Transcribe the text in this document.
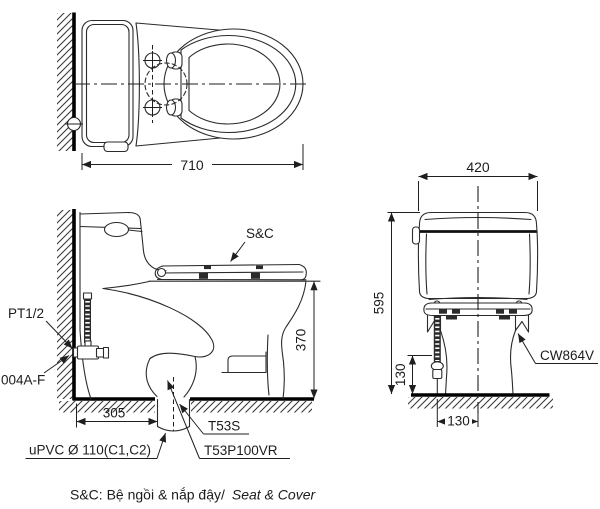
710
S&C
PT1/2
004A-F
370
305
uPVC Ø 110(C1,C2)
T53S
T53P100VR
420
595
130
130
CW864V
S&C: Bệ ngồi & nắp đậy/ Seat & Cover
